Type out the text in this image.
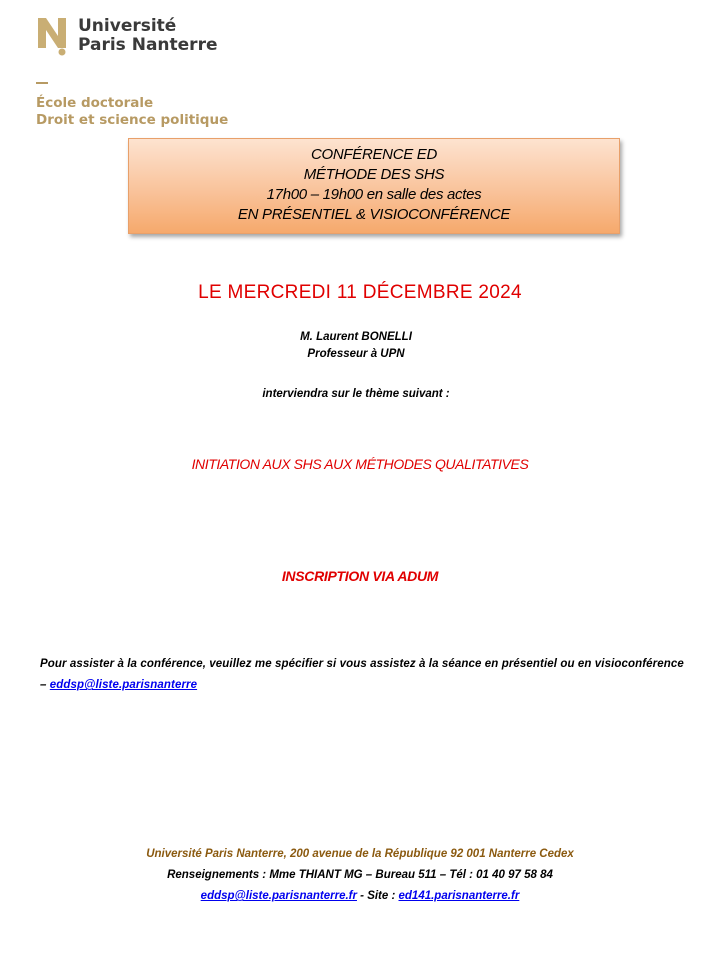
Université
Paris Nanterre
École doctorale
Droit et science politique
CONFÉRENCE ED
MÉTHODE DES SHS
17h00 – 19h00 en salle des actes
EN PRÉSENTIEL & VISIOCONFÉRENCE
LE MERCREDI 11 DÉCEMBRE 2024
M. Laurent BONELLI
Professeur à UPN
interviendra sur le thème suivant :
INITIATION AUX SHS AUX MÉTHODES QUALITATIVES
INSCRIPTION VIA ADUM
Pour assister à la conférence, veuillez me spécifier si vous assistez à la séance en présentiel ou en visioconférence – eddsp@liste.parisnanterre
Université Paris Nanterre, 200 avenue de la République 92 001 Nanterre Cedex
Renseignements : Mme THIANT MG – Bureau 511 – Tél : 01 40 97 58 84
eddsp@liste.parisnanterre.fr - Site : ed141.parisnanterre.fr
